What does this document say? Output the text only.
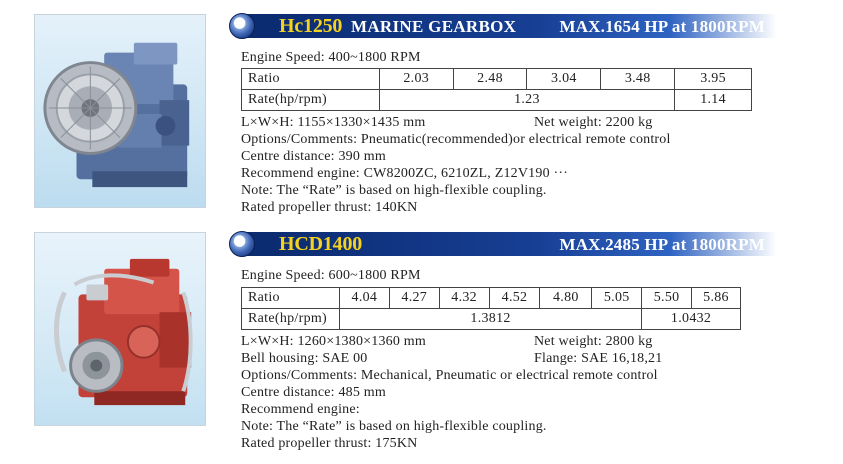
Hc1250 MARINE GEARBOX	MAX.1654 HP at 1800RPM
Engine Speed: 400~1800 RPM
Ratio	2.03	2.48	3.04	3.48	3.95
Rate(hp/rpm)	1.23				1.14
L×W×H: 1155×1330×1435 mm	Net weight: 2200 kg
Options/Comments: Pneumatic(recommended)or electrical remote control
Centre distance: 390 mm
Recommend engine: CW8200ZC, 6210ZL, Z12V190 ···
Note: The “Rate” is based on high-flexible coupling.
Rated propeller thrust: 140KN
HCD1400	MAX.2485 HP at 1800RPM
Engine Speed: 600~1800 RPM
Ratio	4.04	4.27	4.32	4.52	4.80	5.05	5.50	5.86
Rate(hp/rpm)	1.3812						1.0432	
L×W×H: 1260×1380×1360 mm	Net weight: 2800 kg
Bell housing: SAE 00	Flange: SAE 16,18,21
Options/Comments: Mechanical, Pneumatic or electrical remote control
Centre distance: 485 mm
Recommend engine:
Note: The “Rate” is based on high-flexible coupling.
Rated propeller thrust: 175KN
